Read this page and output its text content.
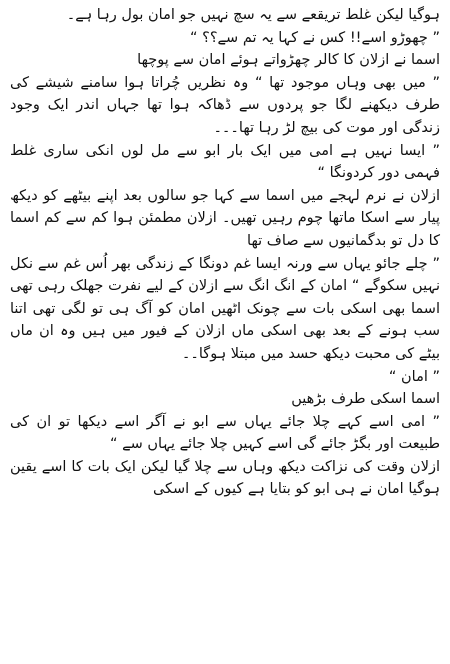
ہوگیا لیکن غلط تریقعے سے یہ سچ نہیں جو امان بول رہا ہے۔

” چھوڑو اسے!! کس نے کہا یہ تم سے؟؟ “

اسما نے ازلان کا کالر چھڑواتے ہوئے امان سے پوچھا

” میں بھی وہاں موجود تھا “ وہ نظریں چُراتا ہوا سامنے شیشے کی طرف دیکھنے لگا جو پردوں سے ڈھاکہ ہوا تھا جہاں اندر ایک وجود زندگی اور موت کی بیچ لڑ رہا تھا۔۔۔

” ایسا نہیں ہے امی میں ایک بار ابو سے مل لوں انکی ساری غلط فہمی دور کردونگا “

ازلان نے نرم لہجے میں اسما سے کہا جو سالوں بعد اپنے بیٹھے کو دیکھ پیار سے اسکا ماتھا چوم رہیں تھیں۔ ازلان مطمئن ہوا کم سے کم اسما کا دل تو بدگمانیوں سے صاف تھا

” چلے جائو یہاں سے ورنہ ایسا غم دونگا کے زندگی بھر اُس غم سے نکل نہیں سکوگے “ امان کے انگ انگ سے ازلان کے لیے نفرت جھلک رہی تھی اسما بھی اسکی بات سے چونک اٹھیں امان کو آگ ہی تو لگی تھی اتنا سب ہونے کے بعد بھی اسکی ماں ازلان کے فیور میں ہیں وہ ان ماں بیٹے کی محبت دیکھ حسد میں مبتلا ہوگا۔۔

” امان “

اسما اسکی طرف بڑھیں

” امی اسے کہے چلا جائے یہاں سے ابو نے آگر اسے دیکھا تو ان کی طبیعت اور بگڑ جائے گی اسے کہیں چلا جائے یہاں سے “

ازلان وقت کی نزاکت دیکھ وہاں سے چلا گیا لیکن ایک بات کا اسے یقین ہوگیا امان نے ہی ابو کو بتایا ہے کیوں کے اسکی
